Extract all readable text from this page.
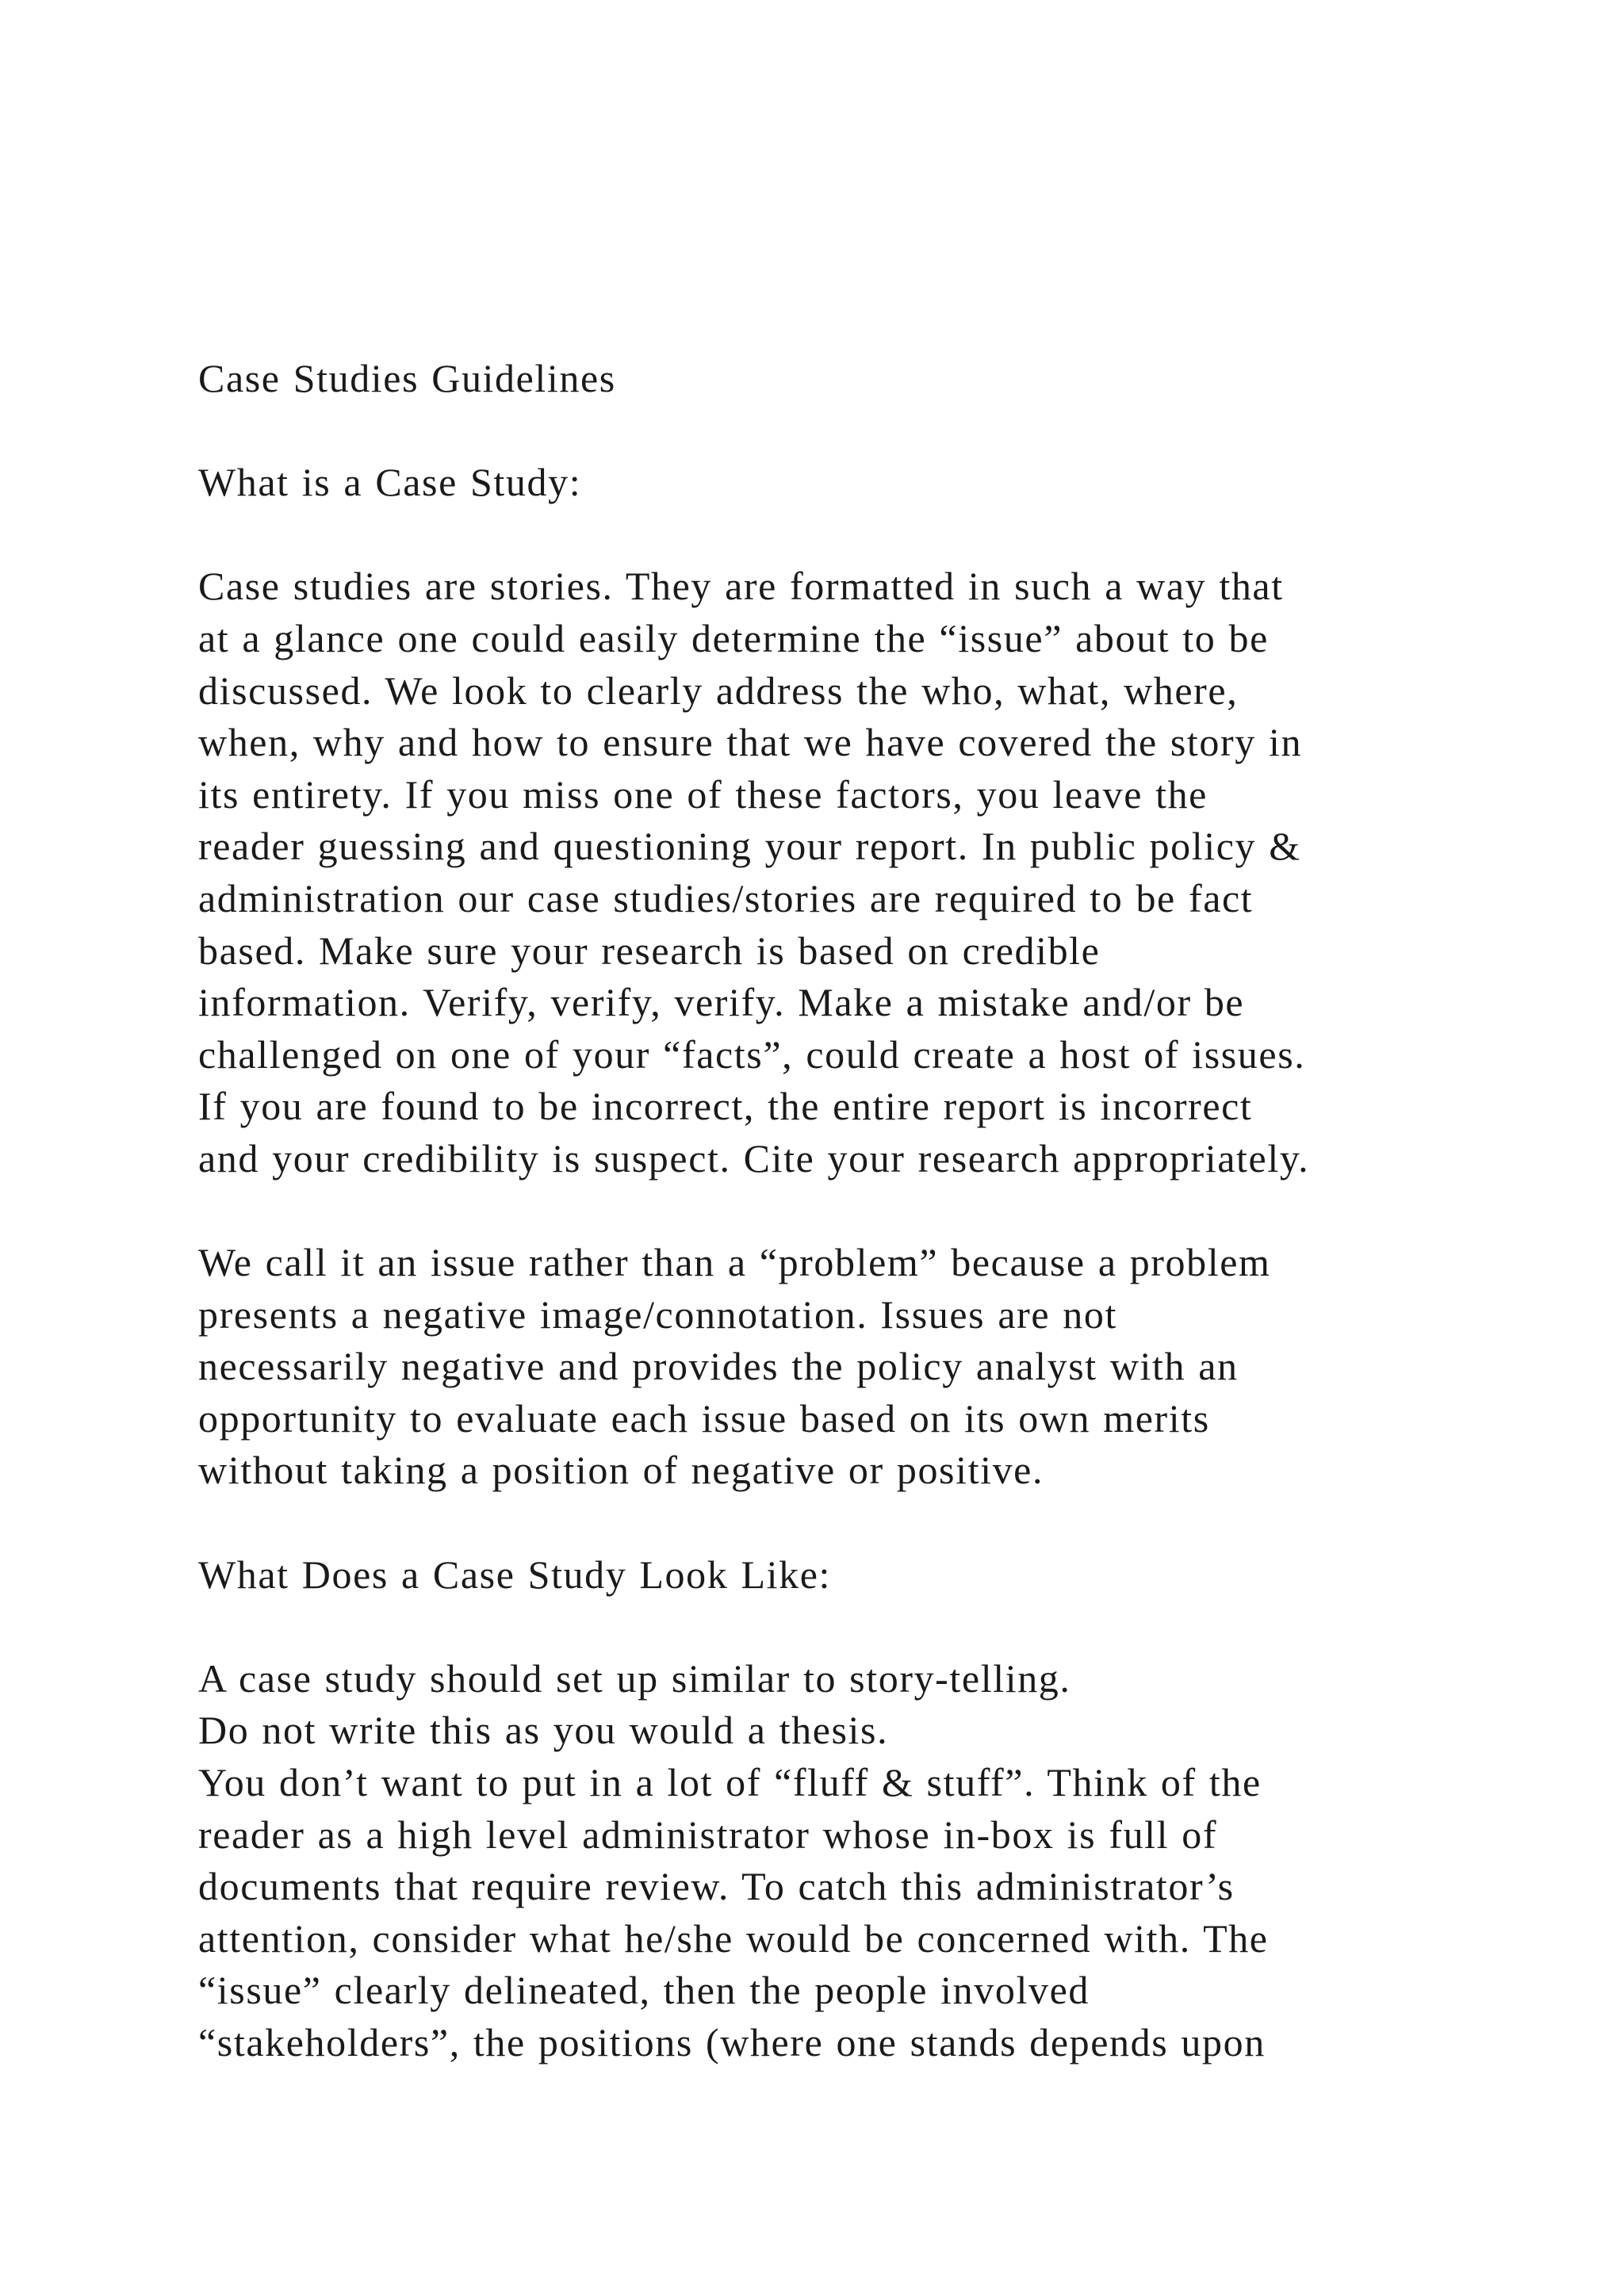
Case Studies Guidelines
What is a Case Study:
Case studies are stories. They are formatted in such a way that
at a glance one could easily determine the “issue” about to be
discussed. We look to clearly address the who, what, where,
when, why and how to ensure that we have covered the story in
its entirety. If you miss one of these factors, you leave the
reader guessing and questioning your report. In public policy &
administration our case studies/stories are required to be fact
based. Make sure your research is based on credible
information. Verify, verify, verify. Make a mistake and/or be
challenged on one of your “facts”, could create a host of issues.
If you are found to be incorrect, the entire report is incorrect
and your credibility is suspect. Cite your research appropriately.
We call it an issue rather than a “problem” because a problem
presents a negative image/connotation. Issues are not
necessarily negative and provides the policy analyst with an
opportunity to evaluate each issue based on its own merits
without taking a position of negative or positive.
What Does a Case Study Look Like:
A case study should set up similar to story-telling.
Do not write this as you would a thesis.
You don’t want to put in a lot of “fluff & stuff”. Think of the
reader as a high level administrator whose in-box is full of
documents that require review. To catch this administrator’s
attention, consider what he/she would be concerned with. The
“issue” clearly delineated, then the people involved
“stakeholders”, the positions (where one stands depends upon
